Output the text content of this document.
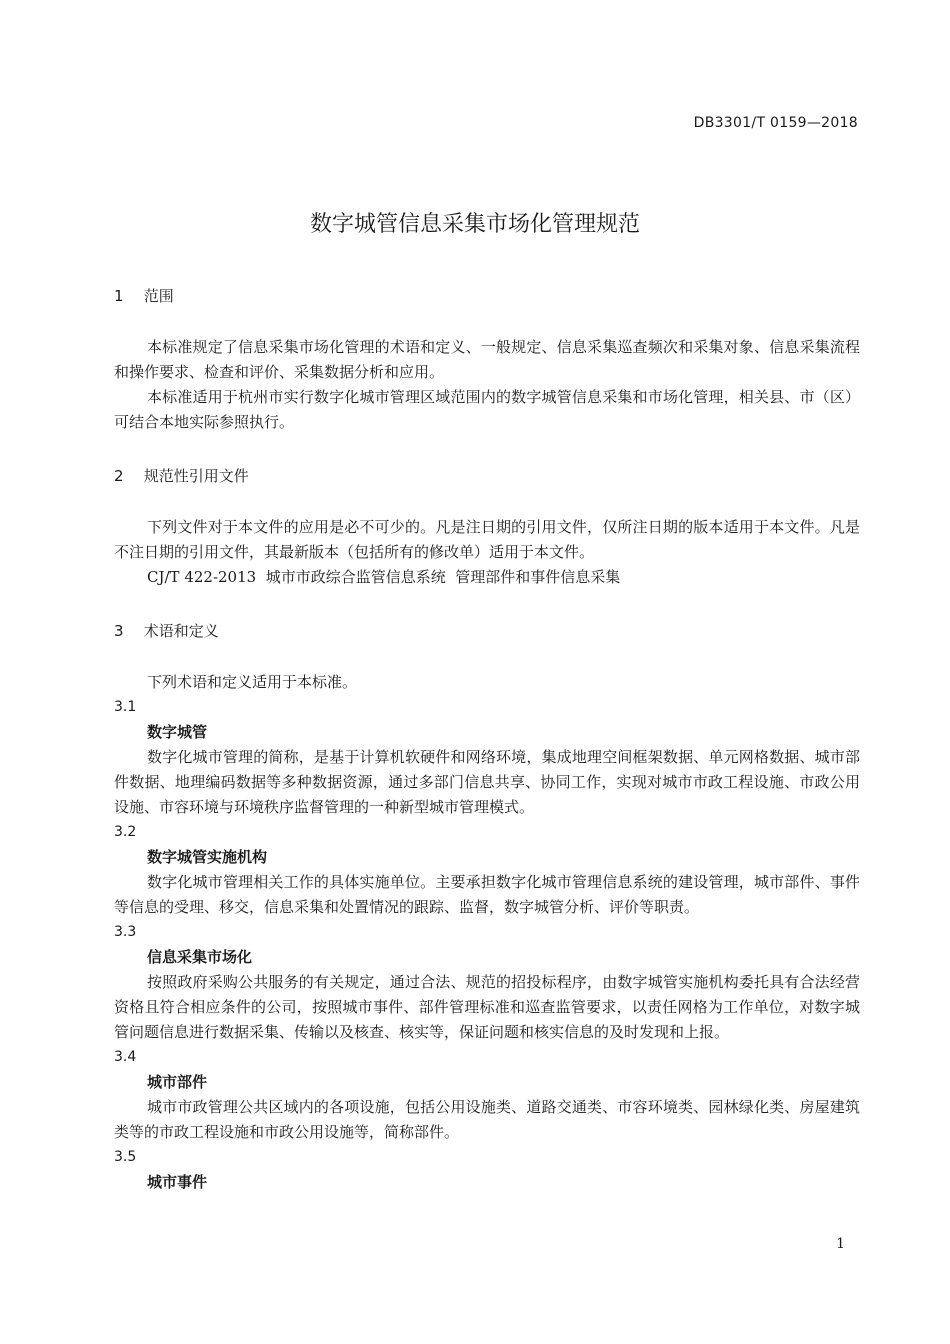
DB3301/T 0159—2018
数字城管信息采集市场化管理规范
1 范围

本标准规定了信息采集市场化管理的术语和定义、一般规定、信息采集巡查频次和采集对象、信息采集流程和操作要求、检查和评价、采集数据分析和应用。

本标准适用于杭州市实行数字化城市管理区域范围内的数字城管信息采集和市场化管理，相关县、市（区）可结合本地实际参照执行。

2 规范性引用文件

下列文件对于本文件的应用是必不可少的。凡是注日期的引用文件，仅所注日期的版本适用于本文件。凡是不注日期的引用文件，其最新版本（包括所有的修改单）适用于本文件。

CJ/T 422-2013  城市市政综合监管信息系统  管理部件和事件信息采集
3 术语和定义

下列术语和定义适用于本标准。

3.1
数字城管

数字化城市管理的简称，是基于计算机软硬件和网络环境，集成地理空间框架数据、单元网格数据、城市部件数据、地理编码数据等多种数据资源，通过多部门信息共享、协同工作，实现对城市市政工程设施、市政公用设施、市容环境与环境秩序监督管理的一种新型城市管理模式。

3.2
数字城管实施机构

数字化城市管理相关工作的具体实施单位。主要承担数字化城市管理信息系统的建设管理，城市部件、事件等信息的受理、移交，信息采集和处置情况的跟踪、监督，数字城管分析、评价等职责。

3.3
信息采集市场化

按照政府采购公共服务的有关规定，通过合法、规范的招投标程序，由数字城管实施机构委托具有合法经营资格且符合相应条件的公司，按照城市事件、部件管理标准和巡查监管要求，以责任网格为工作单位，对数字城管问题信息进行数据采集、传输以及核查、核实等，保证问题和核实信息的及时发现和上报。

3.4
城市部件

城市市政管理公共区域内的各项设施，包括公用设施类、道路交通类、市容环境类、园林绿化类、房屋建筑类等的市政工程设施和市政公用设施等，简称部件。

3.5
城市事件
1
